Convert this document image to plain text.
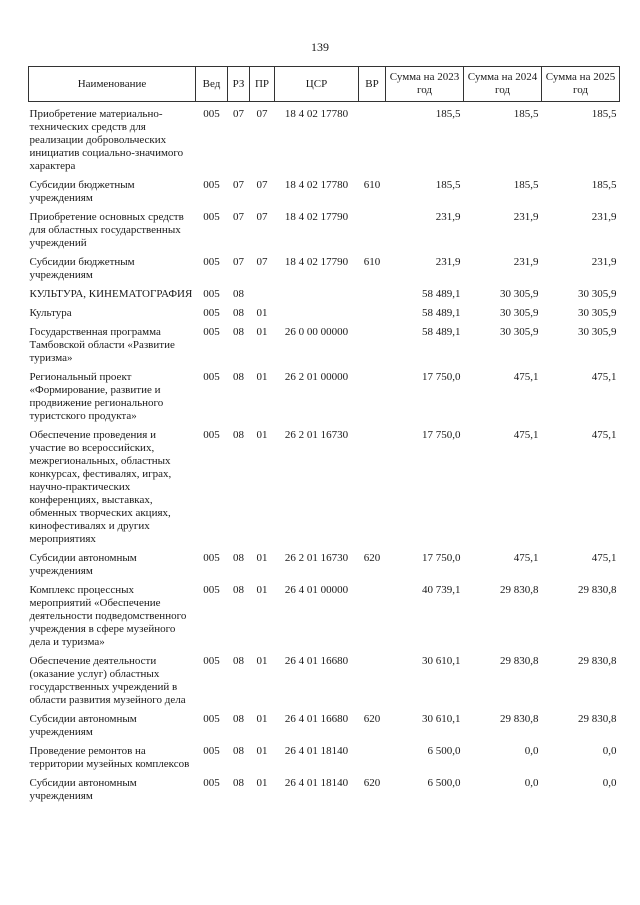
139
Наименование	Вед	РЗ	ПР	ЦСР	ВР	Сумма на 2023 год	Сумма на 2024 год	Сумма на 2025 год
Приобретение материально-технических средств для реализации добровольческих инициатив социально-значимого характера	005	07	07	18 4 02 17780		185,5	185,5	185,5
Субсидии бюджетным учреждениям	005	07	07	18 4 02 17780	610	185,5	185,5	185,5
Приобретение основных средств для областных государственных учреждений	005	07	07	18 4 02 17790		231,9	231,9	231,9
Субсидии бюджетным учреждениям	005	07	07	18 4 02 17790	610	231,9	231,9	231,9
КУЛЬТУРА, КИНЕМАТОГРАФИЯ	005	08				58 489,1	30 305,9	30 305,9
Культура	005	08	01			58 489,1	30 305,9	30 305,9
Государственная программа Тамбовской области «Развитие туризма»	005	08	01	26 0 00 00000		58 489,1	30 305,9	30 305,9
Региональный проект «Формирование, развитие и продвижение регионального туристского продукта»	005	08	01	26 2 01 00000		17 750,0	475,1	475,1
Обеспечение проведения и участие во всероссийских, межрегиональных, областных конкурсах, фестивалях, играх, научно-практических конференциях, выставках, обменных творческих акциях, кинофестивалях и других мероприятиях	005	08	01	26 2 01 16730		17 750,0	475,1	475,1
Субсидии автономным учреждениям	005	08	01	26 2 01 16730	620	17 750,0	475,1	475,1
Комплекс процессных мероприятий «Обеспечение деятельности подведомственного учреждения в сфере музейного дела и туризма»	005	08	01	26 4 01 00000		40 739,1	29 830,8	29 830,8
Обеспечение деятельности (оказание услуг) областных государственных учреждений в области развития музейного дела	005	08	01	26 4 01 16680		30 610,1	29 830,8	29 830,8
Субсидии автономным учреждениям	005	08	01	26 4 01 16680	620	30 610,1	29 830,8	29 830,8
Проведение ремонтов на территории музейных комплексов	005	08	01	26 4 01 18140		6 500,0	0,0	0,0
Субсидии автономным учреждениям	005	08	01	26 4 01 18140	620	6 500,0	0,0	0,0
